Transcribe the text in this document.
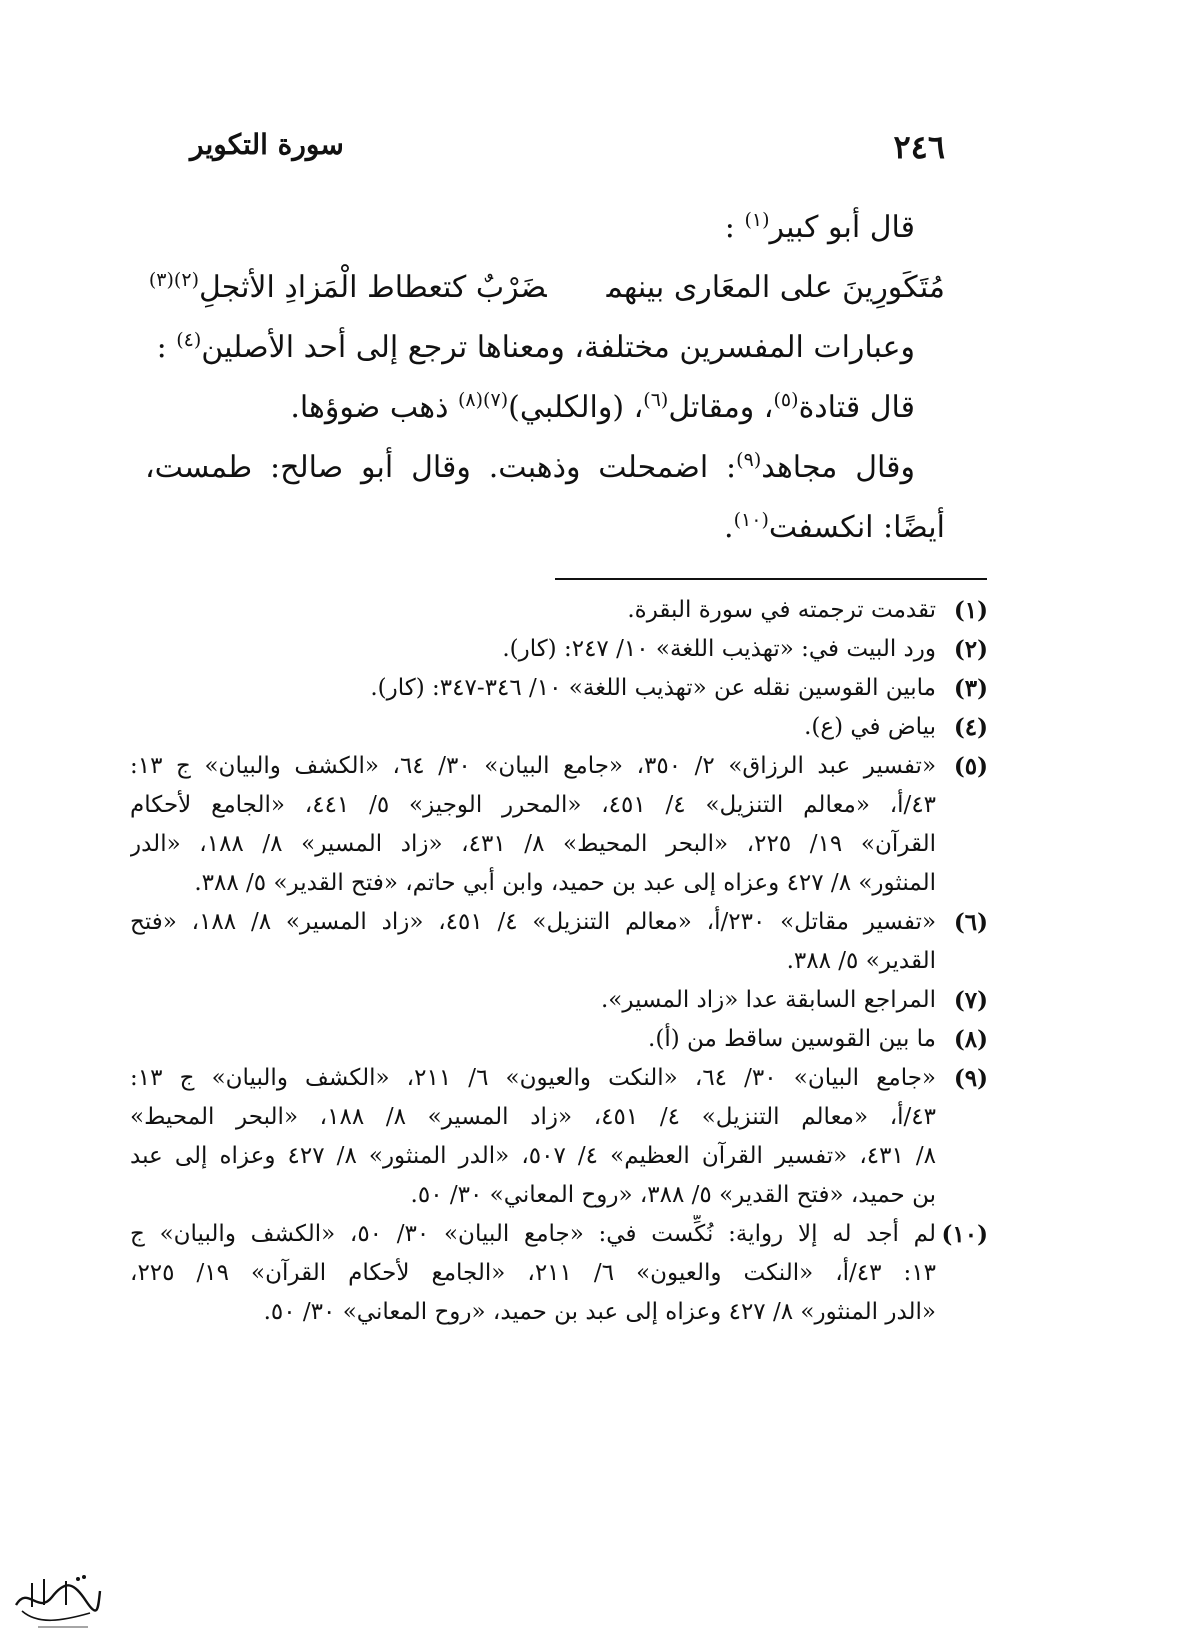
٢٤٦
سورة التكوير
قال أبو كبير$^{(١)}$ :
مُتَكَورِينَ على المعَارى بينهمضَرْبٌ كتعطاط الْمَزادِ الأثجلِ$^{(٢)(٣)}$
وعبارات المفسرين مختلفة، ومعناها ترجع إلى أحد الأصلين$^{(٤)}$ :
قال قتادة$^{(٥)}$، ومقاتل$^{(٦)}$، (والكلبي)$^{(٧)(٨)}$ ذهب ضوؤها.
وقال مجاهد$^{(٩)}$: اضمحلت وذهبت. وقال أبو صالح: طمست،
أيضًا: انكسفت$^{(١٠)}$.
(١)
تقدمت ترجمته في سورة البقرة.
(٢)
ورد البيت في: «تهذيب اللغة» ١٠/ ٢٤٧: (كار).
(٣)
مابين القوسين نقله عن «تهذيب اللغة» ١٠/ ٣٤٦-٣٤٧: (كار).
(٤)
بياض في (ع).
(٥)
«تفسير عبد الرزاق» ٢/ ٣٥٠، «جامع البيان» ٣٠/ ٦٤، «الكشف والبيان» ج ١٣:
٤٣/أ، «معالم التنزيل» ٤/ ٤٥١، «المحرر الوجيز» ٥/ ٤٤١، «الجامع لأحكام
القرآن» ١٩/ ٢٢٥، «البحر المحيط» ٨/ ٤٣١، «زاد المسير» ٨/ ١٨٨، «الدر
المنثور» ٨/ ٤٢٧ وعزاه إلى عبد بن حميد، وابن أبي حاتم، «فتح القدير» ٥/ ٣٨٨.
(٦)
«تفسير مقاتل» ٢٣٠/أ، «معالم التنزيل» ٤/ ٤٥١، «زاد المسير» ٨/ ١٨٨، «فتح
القدير» ٥/ ٣٨٨.
(٧)
المراجع السابقة عدا «زاد المسير».
(٨)
ما بين القوسين ساقط من (أ).
(٩)
«جامع البيان» ٣٠/ ٦٤، «النكت والعيون» ٦/ ٢١١، «الكشف والبيان» ج ١٣:
٤٣/أ، «معالم التنزيل» ٤/ ٤٥١، «زاد المسير» ٨/ ١٨٨، «البحر المحيط»
٨/ ٤٣١، «تفسير القرآن العظيم» ٤/ ٥٠٧، «الدر المنثور» ٨/ ٤٢٧ وعزاه إلى عبد
بن حميد، «فتح القدير» ٥/ ٣٨٨، «روح المعاني» ٣٠/ ٥٠.
(١٠)
لم أجد له إلا رواية: نُكِّست في: «جامع البيان» ٣٠/ ٥٠، «الكشف والبيان» ج
١٣: ٤٣/أ، «النكت والعيون» ٦/ ٢١١، «الجامع لأحكام القرآن» ١٩/ ٢٢٥،
«الدر المنثور» ٨/ ٤٢٧ وعزاه إلى عبد بن حميد، «روح المعاني» ٣٠/ ٥٠.
